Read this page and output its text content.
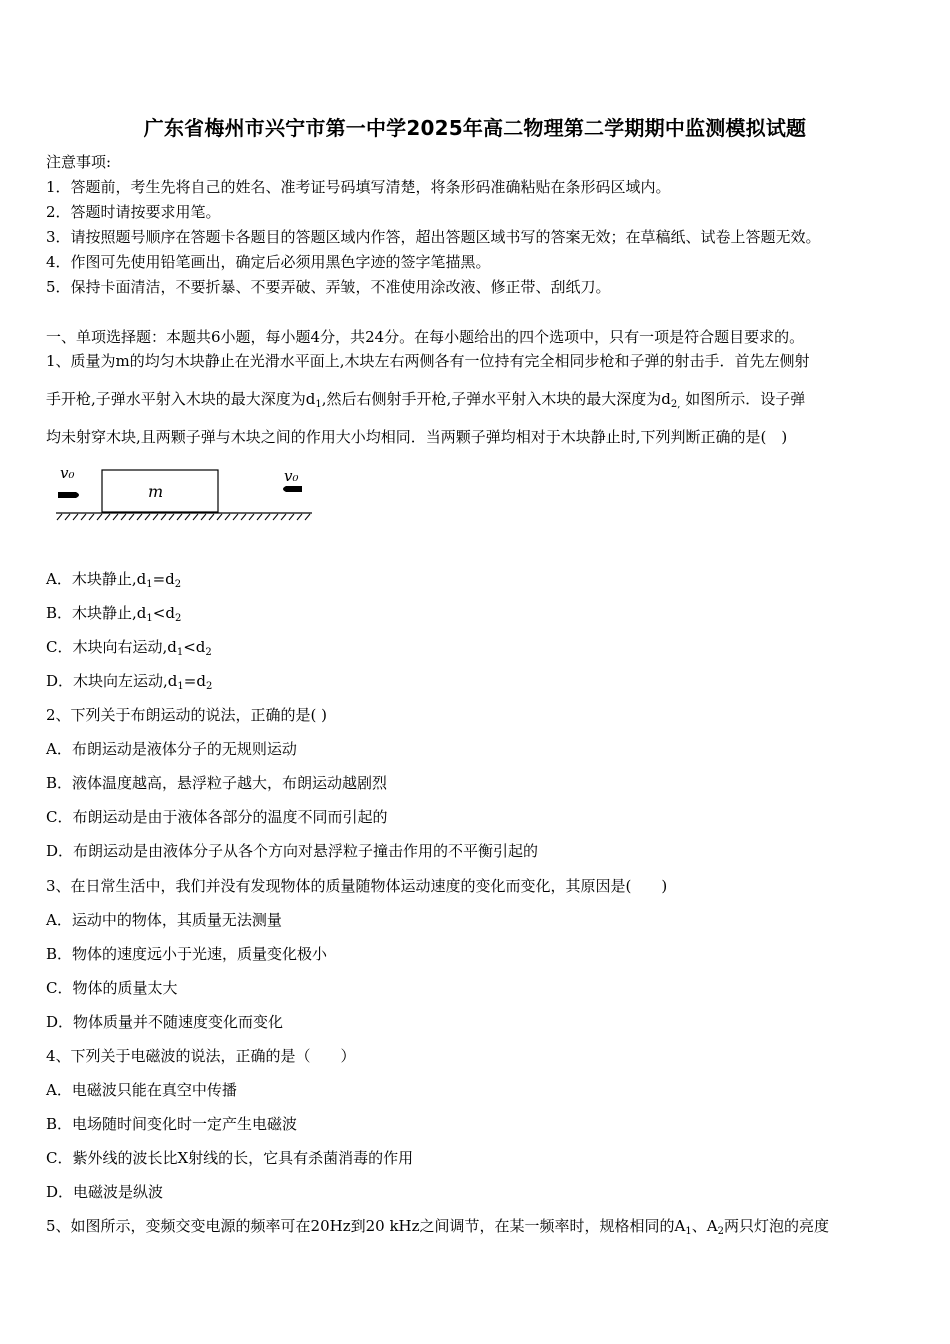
广东省梅州市兴宁市第一中学2025年高二物理第二学期期中监测模拟试题
注意事项:
1．答题前，考生先将自己的姓名、准考证号码填写清楚，将条形码准确粘贴在条形码区域内。
2．答题时请按要求用笔。
3．请按照题号顺序在答题卡各题目的答题区域内作答，超出答题区域书写的答案无效；在草稿纸、试卷上答题无效。
4．作图可先使用铅笔画出，确定后必须用黑色字迹的签字笔描黑。
5．保持卡面清洁，不要折暴、不要弄破、弄皱，不准使用涂改液、修正带、刮纸刀。
一、单项选择题：本题共6小题，每小题4分，共24分。在每小题给出的四个选项中，只有一项是符合题目要求的。
1、质量为m的均匀木块静止在光滑水平面上,木块左右两侧各有一位持有完全相同步枪和子弹的射击手．首先左侧射
手开枪,子弹水平射入木块的最大深度为$d_1$,然后右侧射手开枪,子弹水平射入木块的最大深度为$d_{2,}$ 如图所示．设子弹
均未射穿木块,且两颗子弹与木块之间的作用大小均相同．当两颗子弹均相对于木块静止时,下列判断正确的是(　)
v₀
m
v₀
A．木块静止$,d_1=d_2$
B．木块静止$,d_1<d_2$
C．木块向右运动$,d_1<d_2$
D．木块向左运动$,d_1=d_2$
2、下列关于布朗运动的说法，正确的是( )
A．布朗运动是液体分子的无规则运动
B．液体温度越高，悬浮粒子越大，布朗运动越剧烈
C．布朗运动是由于液体各部分的温度不同而引起的
D．布朗运动是由液体分子从各个方向对悬浮粒子撞击作用的不平衡引起的
3、在日常生活中，我们并没有发现物体的质量随物体运动速度的变化而变化，其原因是(　　)
A．运动中的物体，其质量无法测量
B．物体的速度远小于光速，质量变化极小
C．物体的质量太大
D．物体质量并不随速度变化而变化
4、下列关于电磁波的说法，正确的是（　　）
A．电磁波只能在真空中传播
B．电场随时间变化时一定产生电磁波
C．紫外线的波长比X射线的长，它具有杀菌消毒的作用
D．电磁波是纵波
5、如图所示，变频交变电源的频率可在20Hz到20 kHz之间调节，在某一频率时，规格相同的$A_1$、$A_2$两只灯泡的亮度
